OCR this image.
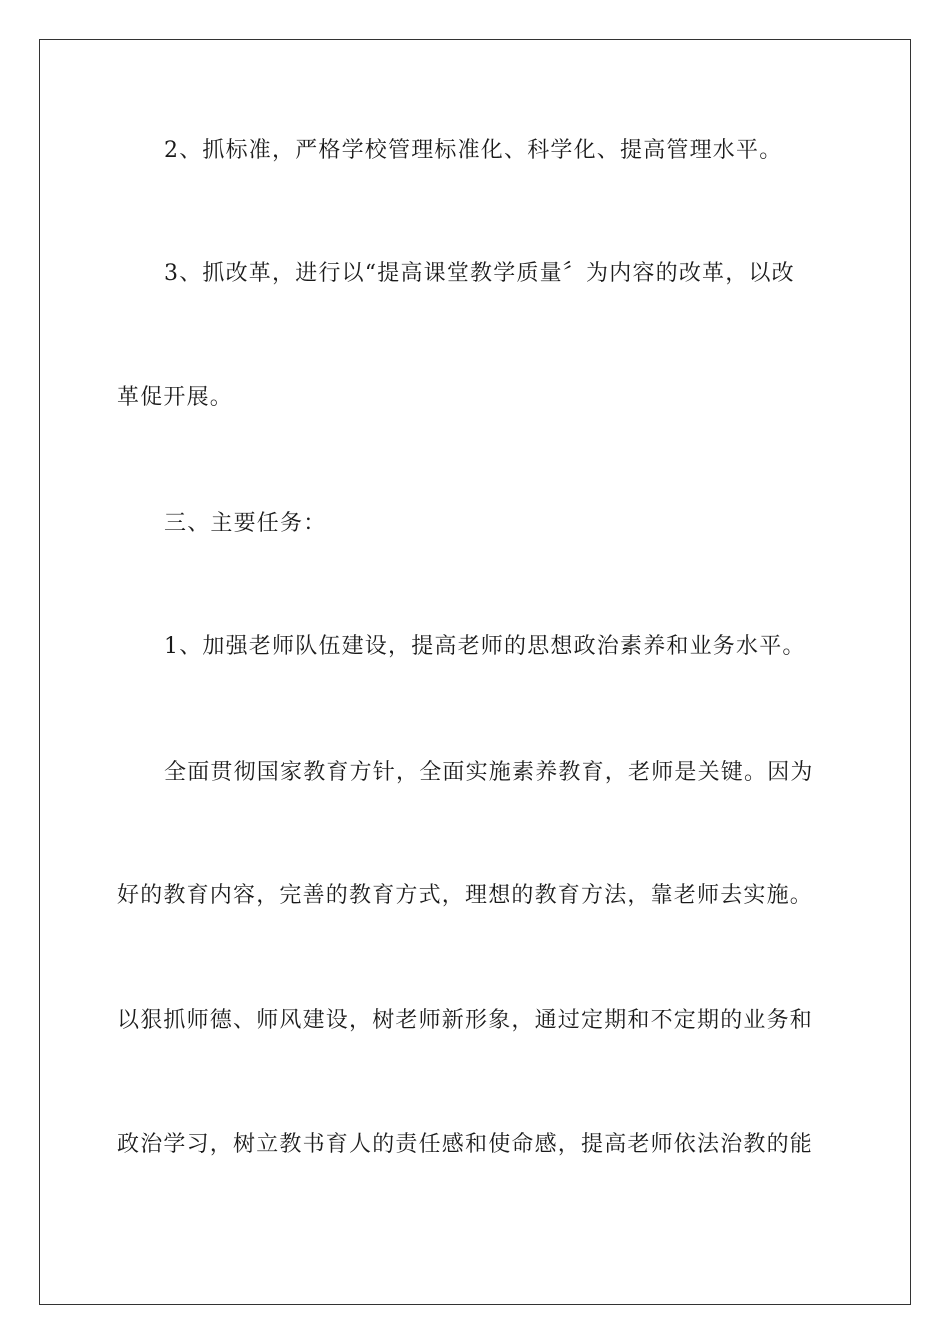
2、抓标准，严格学校管理标准化、科学化、提高管理水平。
3、抓改革，进行以“提高课堂教学质量〞为内容的改革，以改
革促开展。
三、主要任务：
1、加强老师队伍建设，提高老师的思想政治素养和业务水平。
全面贯彻国家教育方针，全面实施素养教育，老师是关键。因为
好的教育内容，完善的教育方式，理想的教育方法，靠老师去实施。
以狠抓师德、师风建设，树老师新形象，通过定期和不定期的业务和
政治学习，树立教书育人的责任感和使命感，提高老师依法治教的能
